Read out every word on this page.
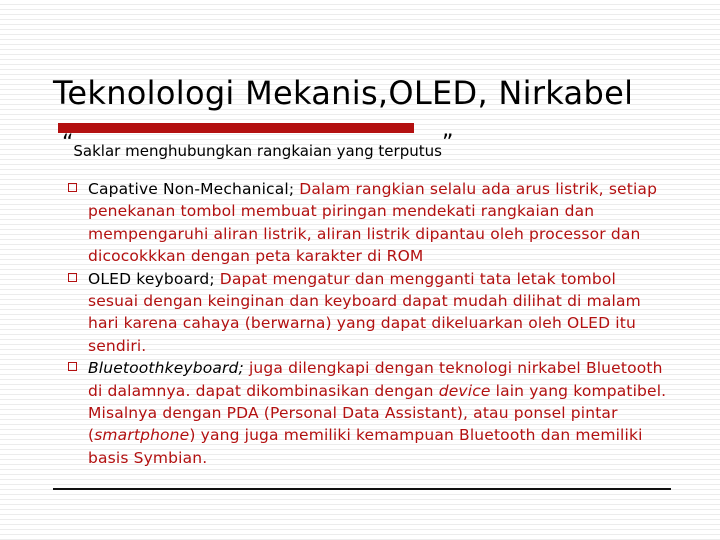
Teknolologi Mekanis,OLED, Nirkabel
“Saklar menghubungkan rangkaian yang terputus”
Capative Non-Mechanical; Dalam rangkian selalu ada arus listrik, setiap penekanan tombol membuat piringan mendekati rangkaian dan mempengaruhi aliran listrik, aliran listrik dipantau oleh processor dan dicocokkkan dengan peta karakter di ROM
OLED keyboard; Dapat mengatur dan mengganti tata letak tombol sesuai dengan keinginan dan keyboard dapat mudah dilihat di malam hari karena cahaya (berwarna) yang dapat dikeluarkan oleh OLED itu sendiri.
Bluetoothkeyboard; juga dilengkapi dengan teknologi nirkabel Bluetooth di dalamnya. dapat dikombinasikan dengan device lain yang kompatibel. Misalnya dengan PDA (Personal Data Assistant), atau ponsel pintar (smartphone) yang juga memiliki kemampuan Bluetooth dan memiliki basis Symbian.
